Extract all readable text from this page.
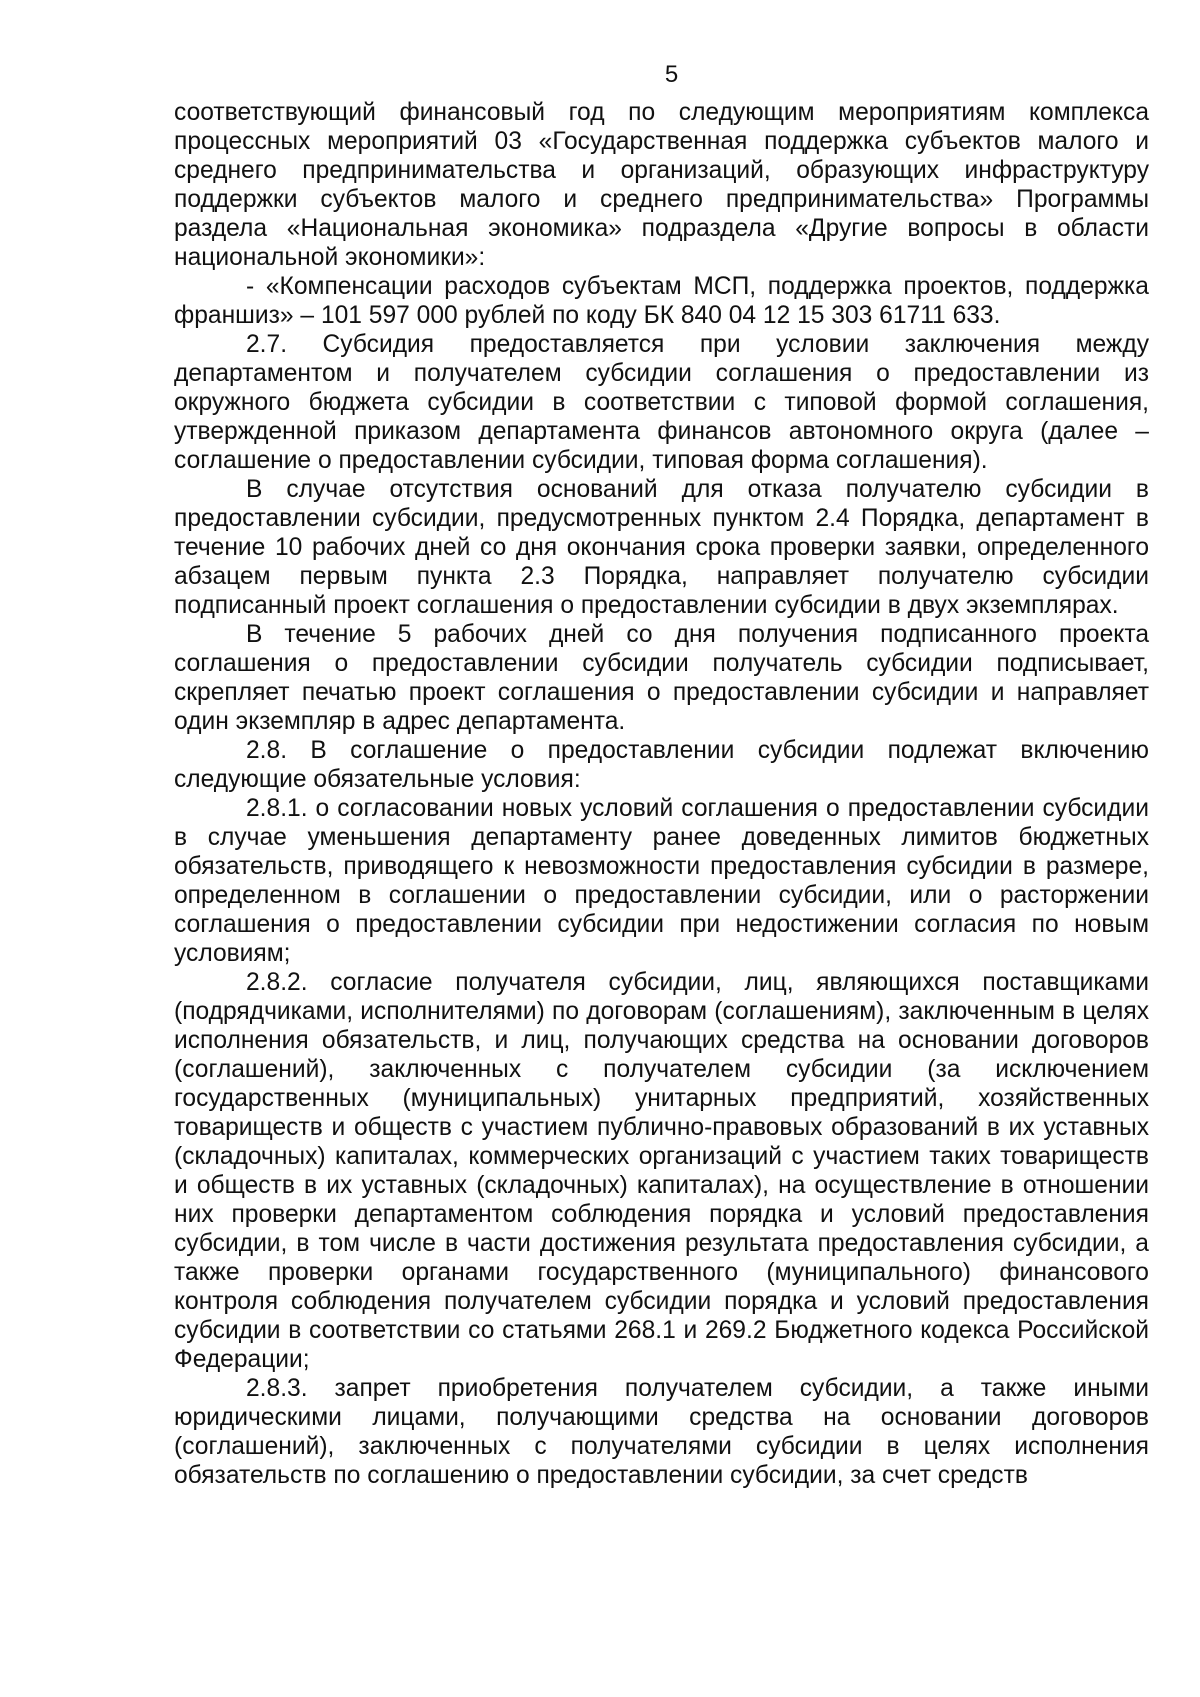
5

соответствующий финансовый год по следующим мероприятиям комплекса процессных мероприятий 03 «Государственная поддержка субъектов малого и среднего предпринимательства и организаций, образующих инфраструктуру поддержки субъектов малого и среднего предпринимательства» Программы раздела «Национальная экономика» подраздела «Другие вопросы в области национальной экономики»:

- «Компенсации расходов субъектам МСП, поддержка проектов, поддержка франшиз» – 101 597 000 рублей по коду БК 840 04 12 15 303 61711 633.

2.7. Субсидия предоставляется при условии заключения между департаментом и получателем субсидии соглашения о предоставлении из окружного бюджета субсидии в соответствии с типовой формой соглашения, утвержденной приказом департамента финансов автономного округа (далее – соглашение о предоставлении субсидии, типовая форма соглашения).

В случае отсутствия оснований для отказа получателю субсидии в предоставлении субсидии, предусмотренных пунктом 2.4 Порядка, департамент в течение 10 рабочих дней со дня окончания срока проверки заявки, определенного абзацем первым пункта 2.3 Порядка, направляет получателю субсидии подписанный проект соглашения о предоставлении субсидии в двух экземплярах.

В течение 5 рабочих дней со дня получения подписанного проекта соглашения о предоставлении субсидии получатель субсидии подписывает, скрепляет печатью проект соглашения о предоставлении субсидии и направляет один экземпляр в адрес департамента.

2.8. В соглашение о предоставлении субсидии подлежат включению следующие обязательные условия:

2.8.1. о согласовании новых условий соглашения о предоставлении субсидии в случае уменьшения департаменту ранее доведенных лимитов бюджетных обязательств, приводящего к невозможности предоставления субсидии в размере, определенном в соглашении о предоставлении субсидии, или о расторжении соглашения о предоставлении субсидии при недостижении согласия по новым условиям;

2.8.2. согласие получателя субсидии, лиц, являющихся поставщиками (подрядчиками, исполнителями) по договорам (соглашениям), заключенным в целях исполнения обязательств, и лиц, получающих средства на основании договоров (соглашений), заключенных с получателем субсидии (за исключением государственных (муниципальных) унитарных предприятий, хозяйственных товариществ и обществ с участием публично-правовых образований в их уставных (складочных) капиталах, коммерческих организаций с участием таких товариществ и обществ в их уставных (складочных) капиталах), на осуществление в отношении них проверки департаментом соблюдения порядка и условий предоставления субсидии, в том числе в части достижения результата предоставления субсидии, а также проверки органами государственного (муниципального) финансового контроля соблюдения получателем субсидии порядка и условий предоставления субсидии в соответствии со статьями 268.1 и 269.2 Бюджетного кодекса Российской Федерации;

2.8.3. запрет приобретения получателем субсидии, а также иными юридическими лицами, получающими средства на основании договоров (соглашений), заключенных с получателями субсидии в целях исполнения обязательств по соглашению о предоставлении субсидии, за счет средств
